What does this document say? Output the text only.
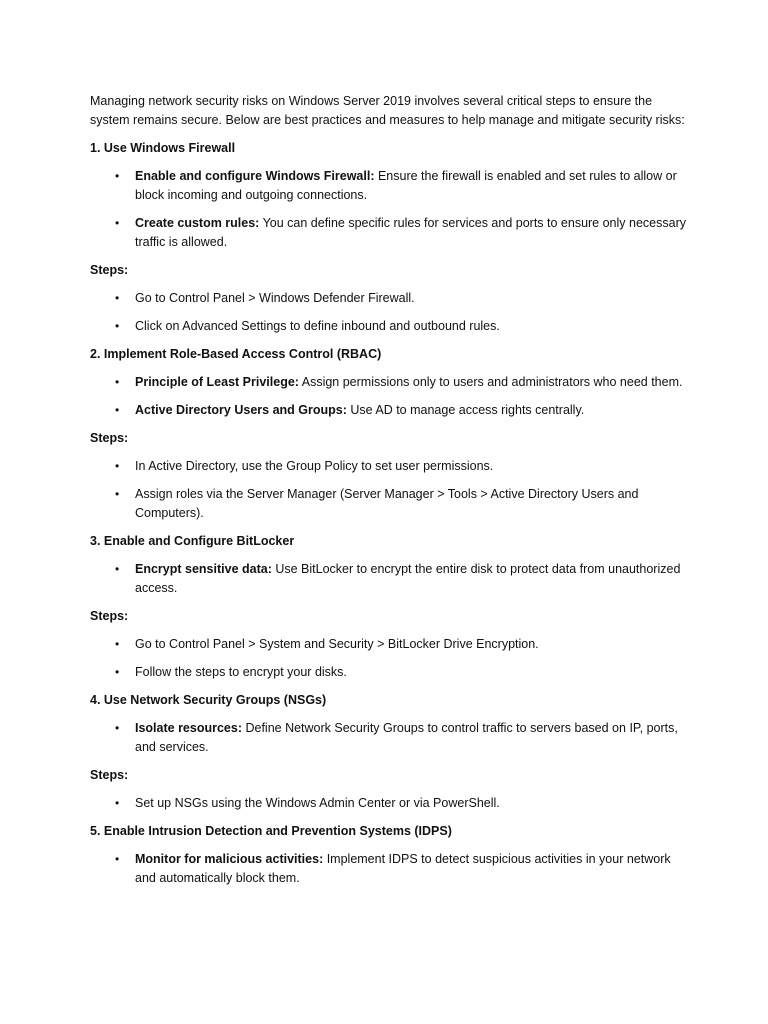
Managing network security risks on Windows Server 2019 involves several critical steps to ensure the system remains secure. Below are best practices and measures to help manage and mitigate security risks:

1. Use Windows Firewall

• Enable and configure Windows Firewall: Ensure the firewall is enabled and set rules to allow or block incoming and outgoing connections.
• Create custom rules: You can define specific rules for services and ports to ensure only necessary traffic is allowed.

Steps:

• Go to Control Panel > Windows Defender Firewall.
• Click on Advanced Settings to define inbound and outbound rules.

2. Implement Role-Based Access Control (RBAC)

• Principle of Least Privilege: Assign permissions only to users and administrators who need them.
• Active Directory Users and Groups: Use AD to manage access rights centrally.

Steps:

• In Active Directory, use the Group Policy to set user permissions.
• Assign roles via the Server Manager (Server Manager > Tools > Active Directory Users and Computers).

3. Enable and Configure BitLocker

• Encrypt sensitive data: Use BitLocker to encrypt the entire disk to protect data from unauthorized access.

Steps:

• Go to Control Panel > System and Security > BitLocker Drive Encryption.
• Follow the steps to encrypt your disks.

4. Use Network Security Groups (NSGs)

• Isolate resources: Define Network Security Groups to control traffic to servers based on IP, ports, and services.

Steps:

• Set up NSGs using the Windows Admin Center or via PowerShell.

5. Enable Intrusion Detection and Prevention Systems (IDPS)

• Monitor for malicious activities: Implement IDPS to detect suspicious activities in your network and automatically block them.
